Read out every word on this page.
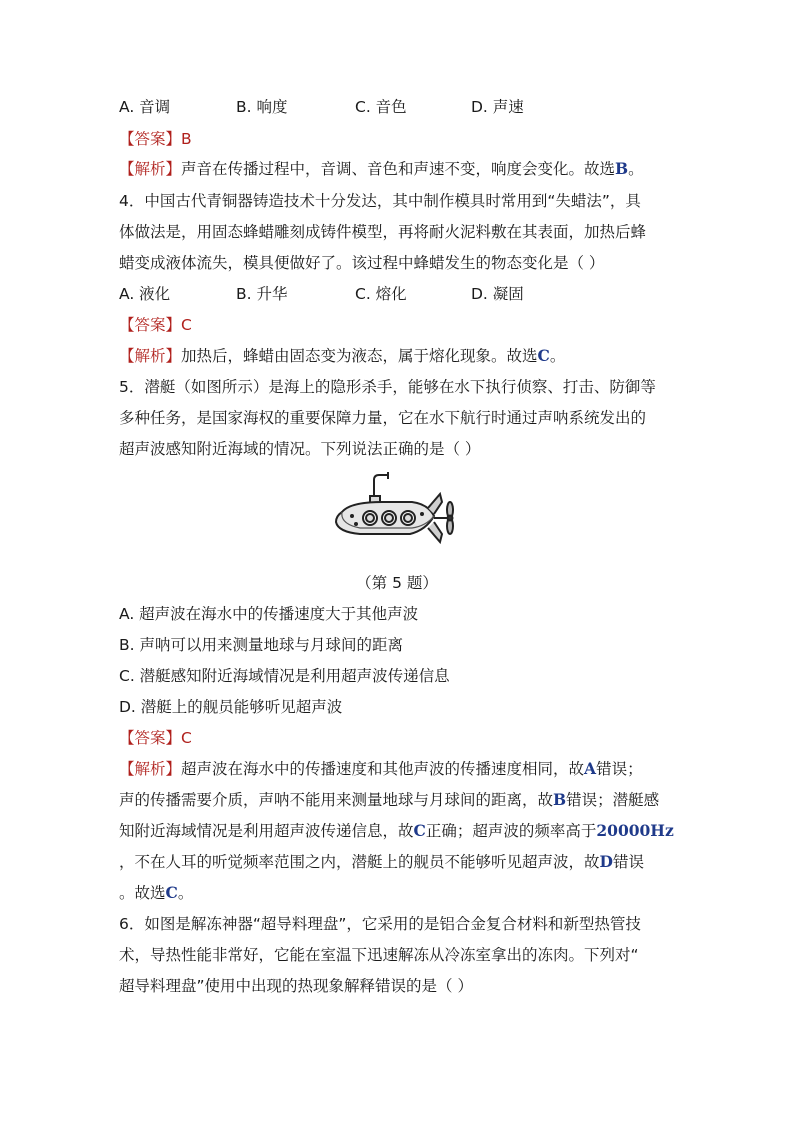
A. 音调	B. 响度	C. 音色	D. 声速
【答案】B
【解析】声音在传播过程中，音调、音色和声速不变，响度会变化。故选B。
4．中国古代青铜器铸造技术十分发达，其中制作模具时常用到“失蜡法”，具
体做法是，用固态蜂蜡雕刻成铸件模型，再将耐火泥料敷在其表面，加热后蜂
蜡变成液体流失，模具便做好了。该过程中蜂蜡发生的物态变化是（ ）
A. 液化	B. 升华	C. 熔化	D. 凝固
【答案】C
【解析】加热后，蜂蜡由固态变为液态，属于熔化现象。故选C。
5．潜艇（如图所示）是海上的隐形杀手，能够在水下执行侦察、打击、防御等
多种任务，是国家海权的重要保障力量，它在水下航行时通过声呐系统发出的
超声波感知附近海域的情况。下列说法正确的是（ ）
（第 5 题）
A. 超声波在海水中的传播速度大于其他声波
B. 声呐可以用来测量地球与月球间的距离
C. 潜艇感知附近海域情况是利用超声波传递信息
D. 潜艇上的舰员能够听见超声波
【答案】C
【解析】超声波在海水中的传播速度和其他声波的传播速度相同，故A错误；
声的传播需要介质，声呐不能用来测量地球与月球间的距离，故B错误；潜艇感
知附近海域情况是利用超声波传递信息，故C正确；超声波的频率高于20000Hz
，不在人耳的听觉频率范围之内，潜艇上的舰员不能够听见超声波，故D错误
。故选C。
6．如图是解冻神器“超导料理盘”，它采用的是铝合金复合材料和新型热管技
术，导热性能非常好，它能在室温下迅速解冻从冷冻室拿出的冻肉。下列对“
超导料理盘”使用中出现的热现象解释错误的是（ ）
